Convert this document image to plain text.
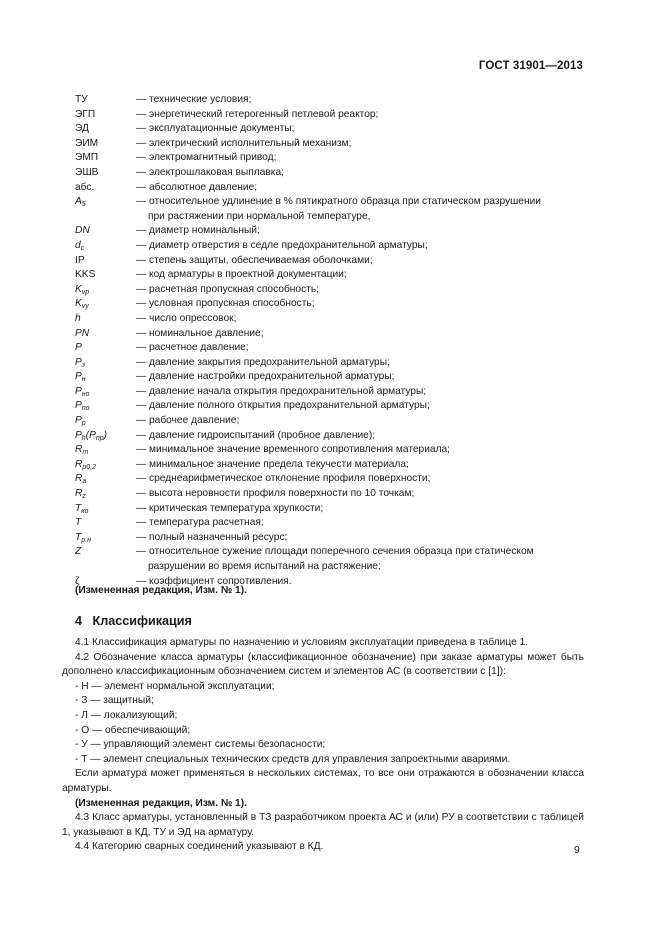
ГОСТ 31901—2013
ТУ	— технические условия;
ЭГП	— энергетический гетерогенный петлевой реактор;
ЭД	— эксплуатационные документы;
ЭИМ	— электрический исполнительный механизм;
ЭМП	— электромагнитный привод;
ЭШВ	— электрошлаковая выплавка;
абс.	— абсолютное давление;
$A_5$	— относительное удлинение в % пятикратного образца при статическом разрушении
при растяжении при нормальной температуре,
DN	— диаметр номинальный;
$d_c$	— диаметр отверстия в седле предохранительной арматуры;
IP	— степень защиты, обеспечиваемая оболочками;
KKS	— код арматуры в проектной документации;
$K_{vp}$	— расчетная пропускная способность;
$K_{vy}$	— условная пропускная способность;
h	— число опрессовок;
PN	— номинальное давление;
P	— расчетное давление;
$P_з$	— давление закрытия предохранительной арматуры;
$P_н$	— давление настройки предохранительной арматуры;
$P_{но}$	— давление начала открытия предохранительной арматуры;
$P_{по}$	— давление полного открытия предохранительной арматуры;
$P_р$	— рабочее давление;
$P_h(P_{пр})$	— давление гидроиспытаний (пробное давление);
$R_m$	— минимальное значение временного сопротивления материала;
$R_{p0,2}$	— минимальное значение предела текучести материала;
$R_a$	— среднеарифметическое отклонение профиля поверхности;
$R_z$	— высота неровности профиля поверхности по 10 точкам;
$T_{ко}$	— критическая температура хрупкости;
T	— температура расчетная;
$T_{р.н}$	— полный назначенный ресурс;
Z	— относительное сужение площади поперечного сечения образца при статическом
разрушении во время испытаний на растяжение;
ζ	— коэффициент сопротивления.
(Измененная редакция, Изм. № 1).
4 Классификация
4.1 Классификация арматуры по назначению и условиям эксплуатации приведена в таблице 1.
4.2 Обозначение класса арматуры (классификационное обозначение) при заказе арматуры может быть дополнено классификационным обозначением систем и элементов АС (в соответствии с [1]):
- Н — элемент нормальной эксплуатации;
- З — защитный;
- Л — локализующий;
- О — обеспечивающий;
- У — управляющий элемент системы безопасности;
- Т — элемент специальных технических средств для управления запроектными авариями.
Если арматура может применяться в нескольких системах, то все они отражаются в обозначении класса арматуры.
(Измененная редакция, Изм. № 1).
4.3 Класс арматуры, установленный в ТЗ разработчиком проекта АС и (или) РУ в соответствии с таблицей 1, указывают в КД, ТУ и ЭД на арматуру.
4.4 Категорию сварных соединений указывают в КД.	9
